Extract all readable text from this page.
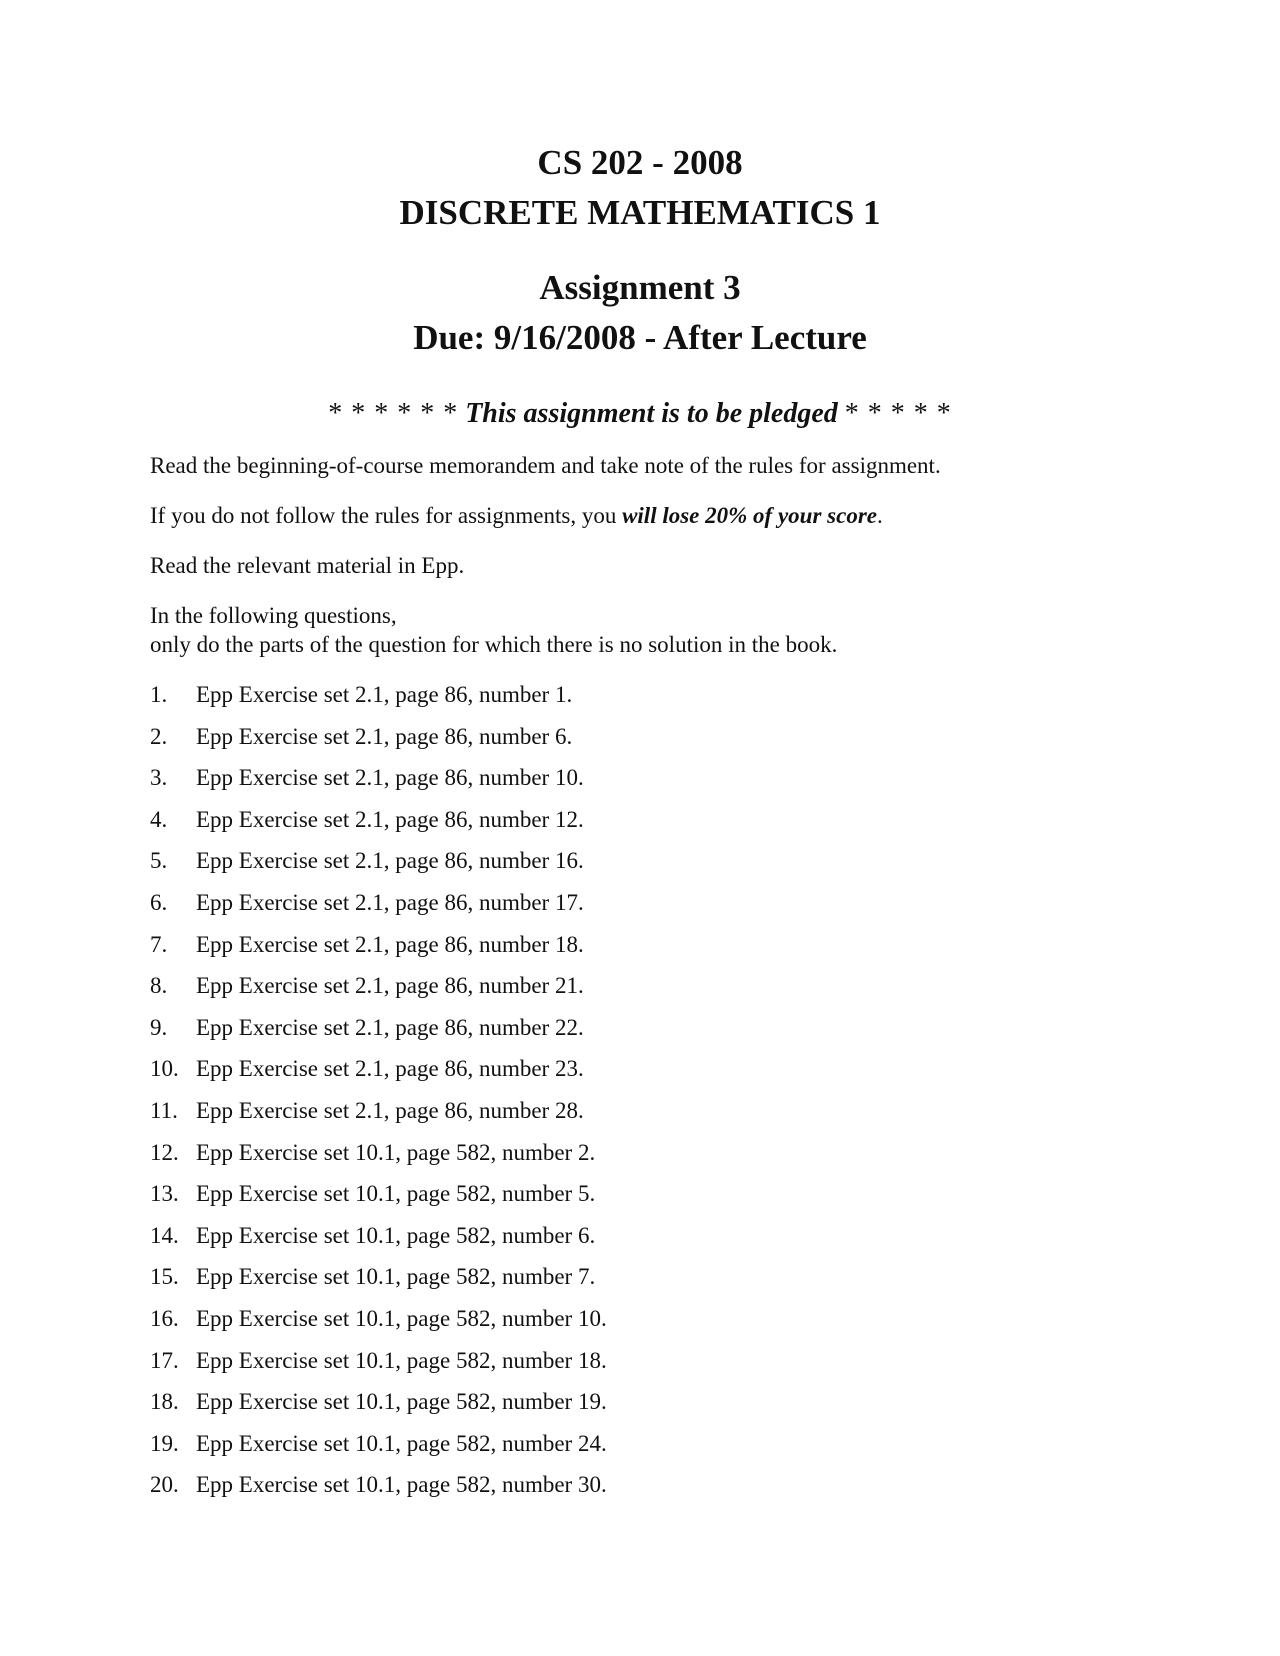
CS 202 - 2008
DISCRETE MATHEMATICS 1
Assignment 3
Due: 9/16/2008 - After Lecture
* * * * * * This assignment is to be pledged * * * * *

Read the beginning-of-course memorandem and take note of the rules for assignment.

If you do not follow the rules for assignments, you will lose 20% of your score.

Read the relevant material in Epp.

In the following questions,

only do the parts of the question for which there is no solution in the book.

1.	Epp Exercise set 2.1, page 86, number 1.
2.	Epp Exercise set 2.1, page 86, number 6.
3.	Epp Exercise set 2.1, page 86, number 10.
4.	Epp Exercise set 2.1, page 86, number 12.
5.	Epp Exercise set 2.1, page 86, number 16.
6.	Epp Exercise set 2.1, page 86, number 17.
7.	Epp Exercise set 2.1, page 86, number 18.
8.	Epp Exercise set 2.1, page 86, number 21.
9.	Epp Exercise set 2.1, page 86, number 22.
10. Epp Exercise set 2.1, page 86, number 23.
11. Epp Exercise set 2.1, page 86, number 28.
12. Epp Exercise set 10.1, page 582, number 2.
13. Epp Exercise set 10.1, page 582, number 5.
14. Epp Exercise set 10.1, page 582, number 6.
15. Epp Exercise set 10.1, page 582, number 7.
16. Epp Exercise set 10.1, page 582, number 10.
17. Epp Exercise set 10.1, page 582, number 18.
18. Epp Exercise set 10.1, page 582, number 19.
19. Epp Exercise set 10.1, page 582, number 24.
20. Epp Exercise set 10.1, page 582, number 30.
